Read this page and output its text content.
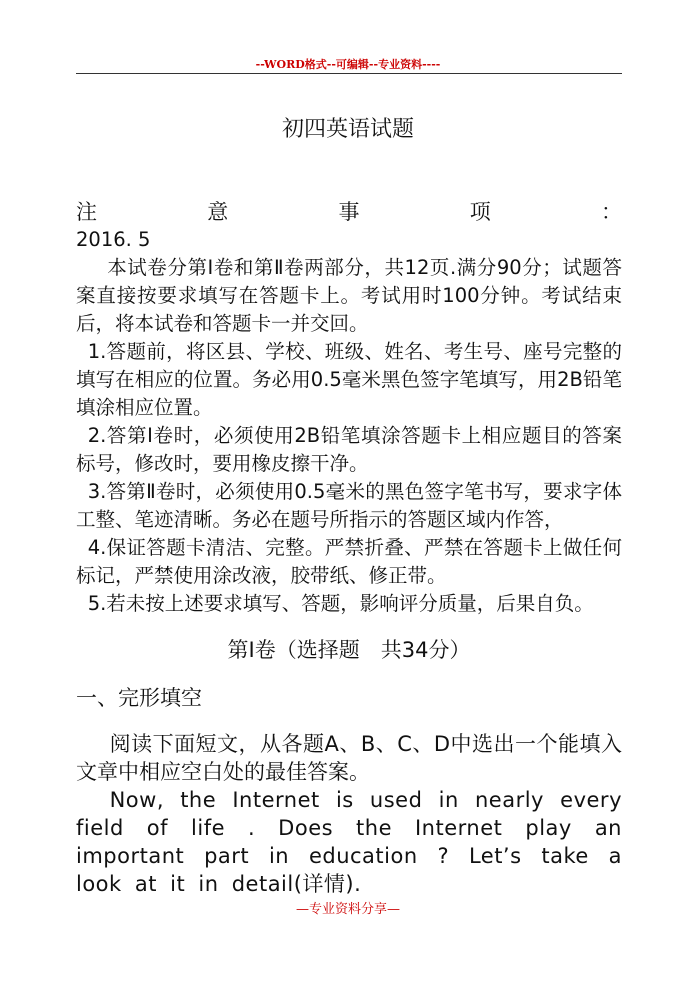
--WORD格式--可编辑--专业资料----
初四英语试题
注	意	事	项	：

2016. 5

本试卷分第Ⅰ卷和第Ⅱ卷两部分，共12页.满分90分；试题答案直接按要求填写在答题卡上。考试用时100分钟。考试结束后，将本试卷和答题卡一并交回。

1.答题前，将区县、学校、班级、姓名、考生号、座号完整的填写在相应的位置。务必用0.5毫米黑色签字笔填写，用2B铅笔填涂相应位置。

2.答第Ⅰ卷时，必须使用2B铅笔填涂答题卡上相应题目的答案标号，修改时，要用橡皮擦干净。

3.答第Ⅱ卷时，必须使用0.5毫米的黑色签字笔书写，要求字体工整、笔迹清晰。务必在题号所指示的答题区域内作答，

4.保证答题卡清洁、完整。严禁折叠、严禁在答题卡上做任何标记，严禁使用涂改液，胶带纸、修正带。

5.若未按上述要求填写、答题，影响评分质量，后果自负。

第Ⅰ卷（选择题　共34分）
一、完形填空

阅读下面短文，从各题A、B、C、D中选出一个能填入文章中相应空白处的最佳答案。

Now, the Internet is used in nearly every field of life . Does the Internet play an important part in education ? Let’s take a look at it in detail(详情).

—专业资料分享—
